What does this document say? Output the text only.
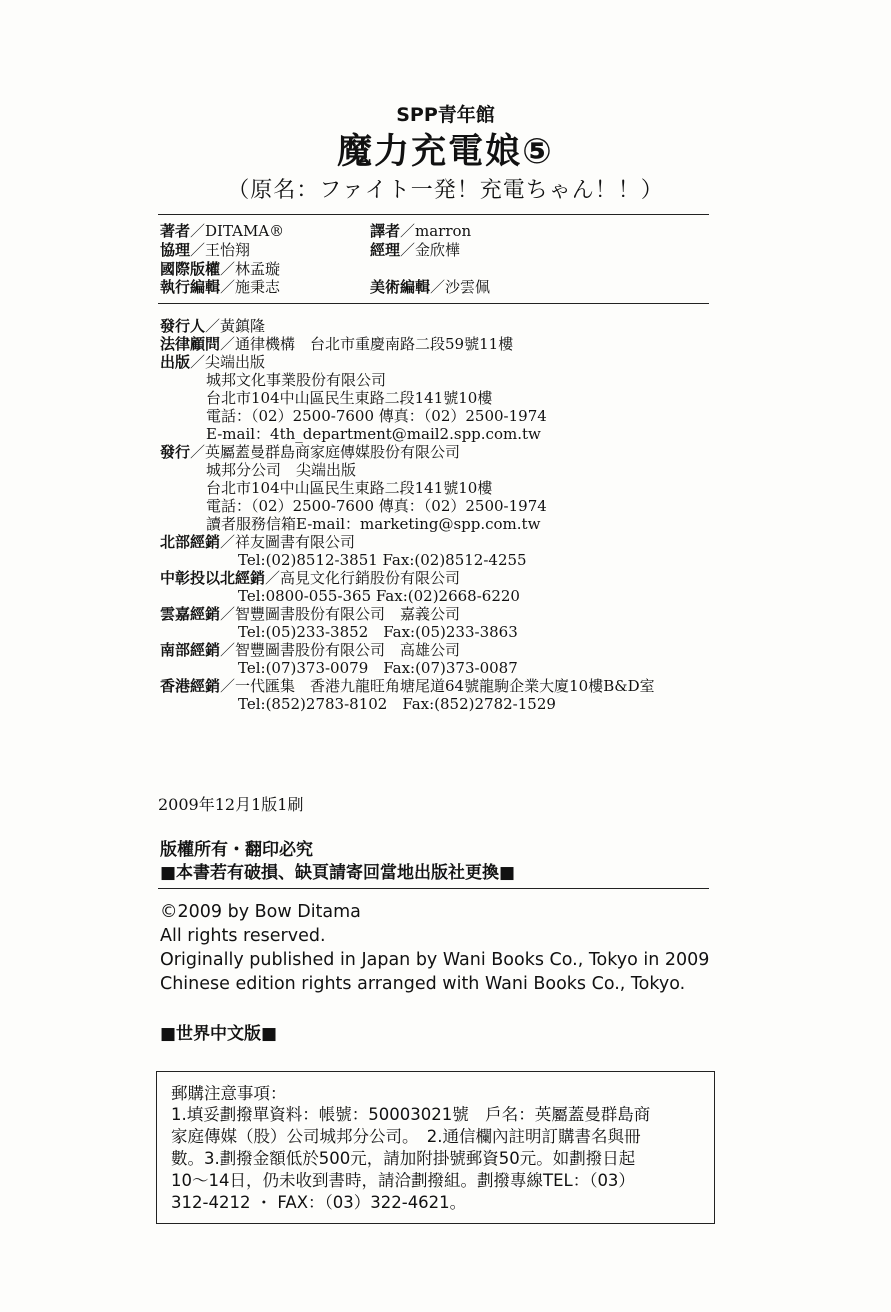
SPP青年館
魔力充電娘⑤
（原名：ファイト一発！充電ちゃん！！）
著者／DITAMA®	譯者／marron
協理／王怡翔	經理／金欣樺
國際版權／林孟璇
執行編輯／施秉志	美術編輯／沙雲佩
發行人／黃鎮隆
法律顧問／通律機構　台北市重慶南路二段59號11樓
出版／尖端出版
城邦文化事業股份有限公司
台北市104中山區民生東路二段141號10樓
電話：（02）2500-7600 傳真：（02）2500-1974
E-mail：4th_department@mail2.spp.com.tw
發行／英屬蓋曼群島商家庭傳媒股份有限公司
城邦分公司　尖端出版
台北市104中山區民生東路二段141號10樓
電話：（02）2500-7600 傳真：（02）2500-1974
讀者服務信箱E-mail：marketing@spp.com.tw
北部經銷／祥友圖書有限公司
Tel:(02)8512-3851 Fax:(02)8512-4255
中彰投以北經銷／高見文化行銷股份有限公司
Tel:0800-055-365 Fax:(02)2668-6220
雲嘉經銷／智豐圖書股份有限公司　嘉義公司
Tel:(05)233-3852　Fax:(05)233-3863
南部經銷／智豐圖書股份有限公司　高雄公司
Tel:(07)373-0079　Fax:(07)373-0087
香港經銷／一代匯集　香港九龍旺角塘尾道64號龍駒企業大廈10樓B&D室
Tel:(852)2783-8102　Fax:(852)2782-1529
2009年12月1版1刷
版權所有・翻印必究
■本書若有破損、缺頁請寄回當地出版社更換■
©2009 by Bow Ditama
All rights reserved.
Originally published in Japan by Wani Books Co., Tokyo in 2009
Chinese edition rights arranged with Wani Books Co., Tokyo.
■世界中文版■
郵購注意事項：
1.填妥劃撥單資料：帳號：50003021號　戶名：英屬蓋曼群島商
家庭傳媒（股）公司城邦分公司。　2.通信欄內註明訂購書名與冊
數。3.劃撥金額低於500元，請加附掛號郵資50元。如劃撥日起
10～14日，仍未收到書時，請洽劃撥組。劃撥專線TEL：（03）
312-4212 ・ FAX：（03）322-4621。
